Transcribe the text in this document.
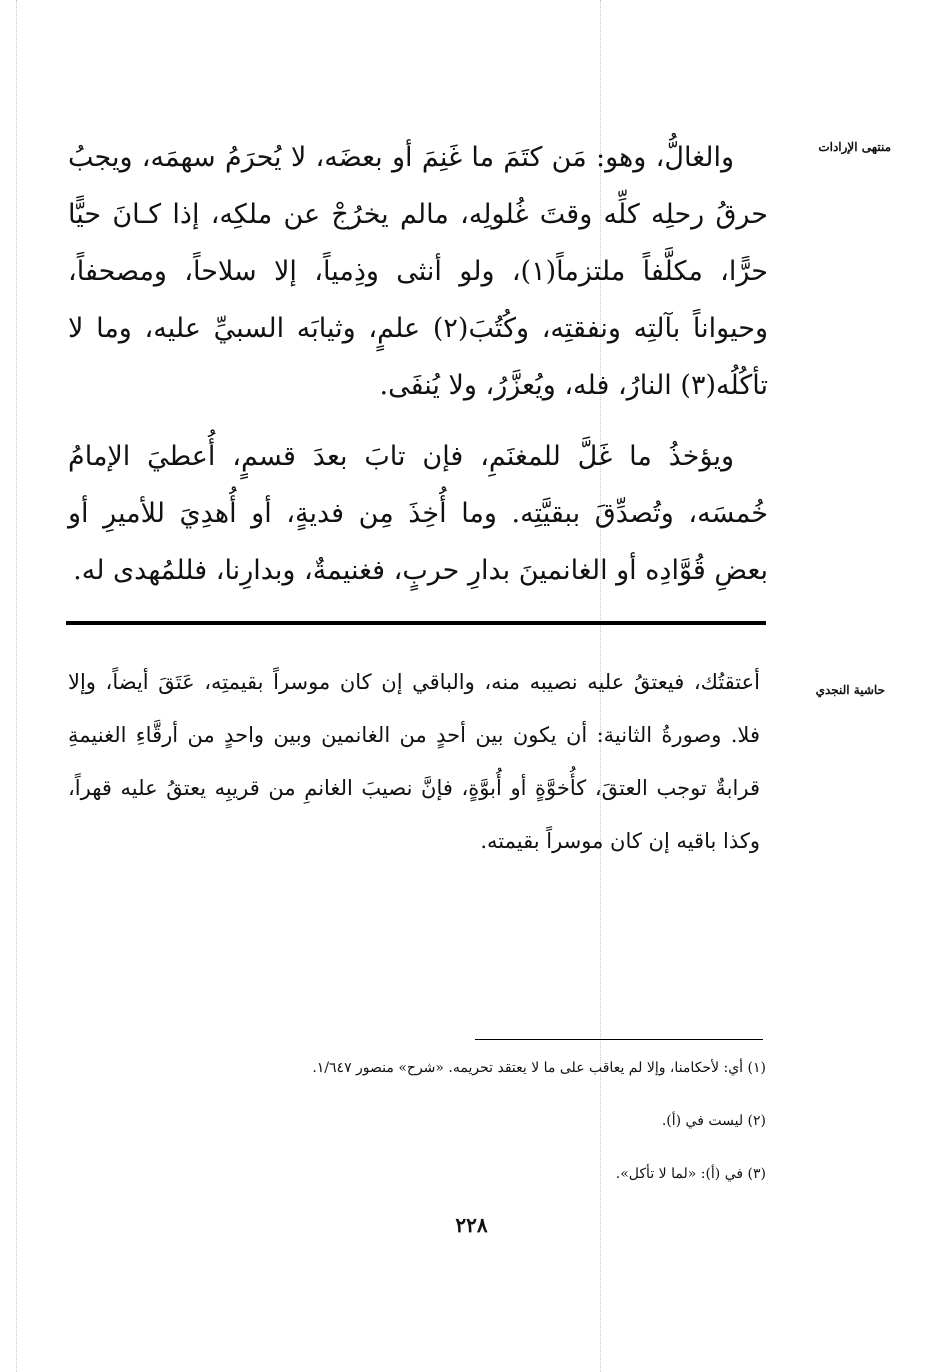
منتهى الإرادات
حاشية النجدي

والغالُّ، وهو: مَن كتَمَ ما غَنِمَ أو بعضَه، لا يُحرَمُ سهمَه، ويجبُ حرقُ رحلِه كلِّه وقتَ غُلولِه، مالم يخرُجْ عن ملكِه، إذا كـانَ حيًّا حرًّا، مكلَّفاً ملتزماً(١)، ولو أنثى وذِمياً، إلا سلاحاً، ومصحفاً، وحيواناً بآلتِه ونفقتِه، وكُتُبَ(٢) علمٍ، وثيابَه السبيِّ عليه، وما لا تأكُلُه(٣) النارُ، فله، ويُعزَّرُ، ولا يُنفَى.

ويؤخذُ ما غَلَّ للمغنَمِ، فإن تابَ بعدَ قسمٍ، أُعطيَ الإمامُ خُمسَه، وتُصدِّقَ ببقيَّتِه. وما أُخِذَ مِن فديةٍ، أو أُهدِيَ للأميرِ أو بعضِ قُوَّادِه أو الغانمينَ بدارِ حربٍ، فغنيمةٌ، وبدارِنا، فللمُهدى له.

أعتقتُك، فيعتقُ عليه نصيبه منه، والباقي إن كان موسراً بقيمتِه، عَتَقَ أيضاً، وإلا فلا. وصورةُ الثانية: أن يكون بين أحدٍ من الغانمين وبين واحدٍ من أرقَّاءِ الغنيمةِ قرابةٌ توجب العتقَ، كأُخوَّةٍ أو أُبوَّةٍ، فإنَّ نصيبَ الغانمِ من قريبِه يعتقُ عليه قهراً، وكذا باقيه إن كان موسراً بقيمته.

(١) أي: لأحكامنا، وإلا لم يعاقب على ما لا يعتقد تحريمه. «شرح» منصور ١/٦٤٧.
(٢) ليست في (أ).
(٣) في (أ): «لما لا تأكل».
٢٢٨
